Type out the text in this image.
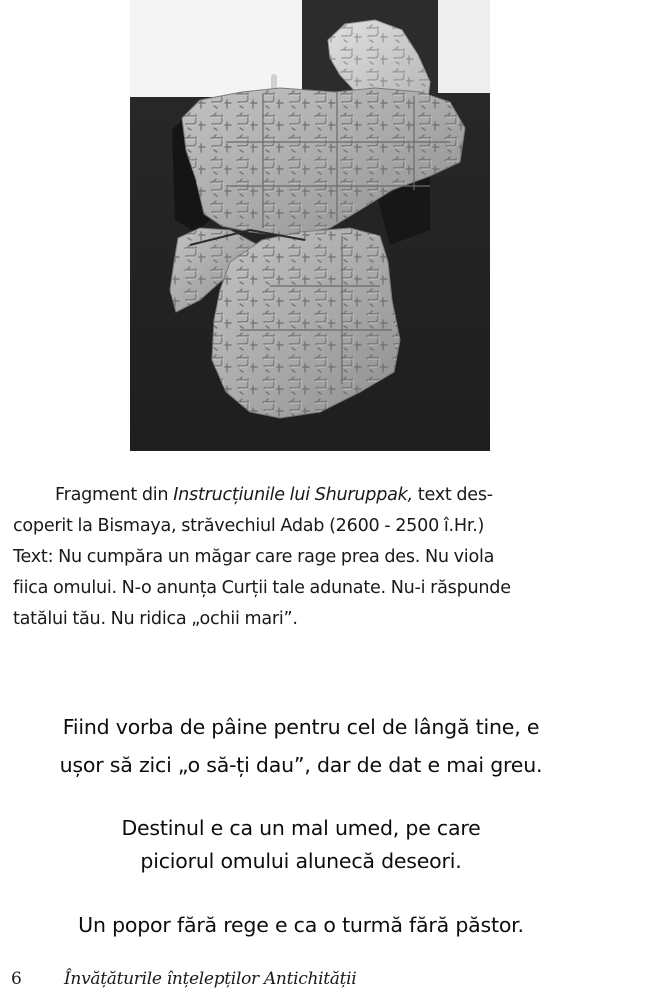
Fragment din Instrucțiunile lui Shuruppak, text des-
coperit la Bismaya, străvechiul Adab (2600 - 2500 î.Hr.)
Text: Nu cumpăra un măgar care rage prea des. Nu viola
fiica omului. N-o anunța Curții tale adunate. Nu-i răspunde
tatălui tău. Nu ridica „ochii mari”.

Fiind vorba de pâine pentru cel de lângă tine, e
ușor să zici „o să-ți dau”, dar de dat e mai greu.
Destinul e ca un mal umed, pe care
piciorul omului alunecă deseori.
Un popor fără rege e ca o turmă fără păstor.
6 Învățăturile înțelepților Antichității
